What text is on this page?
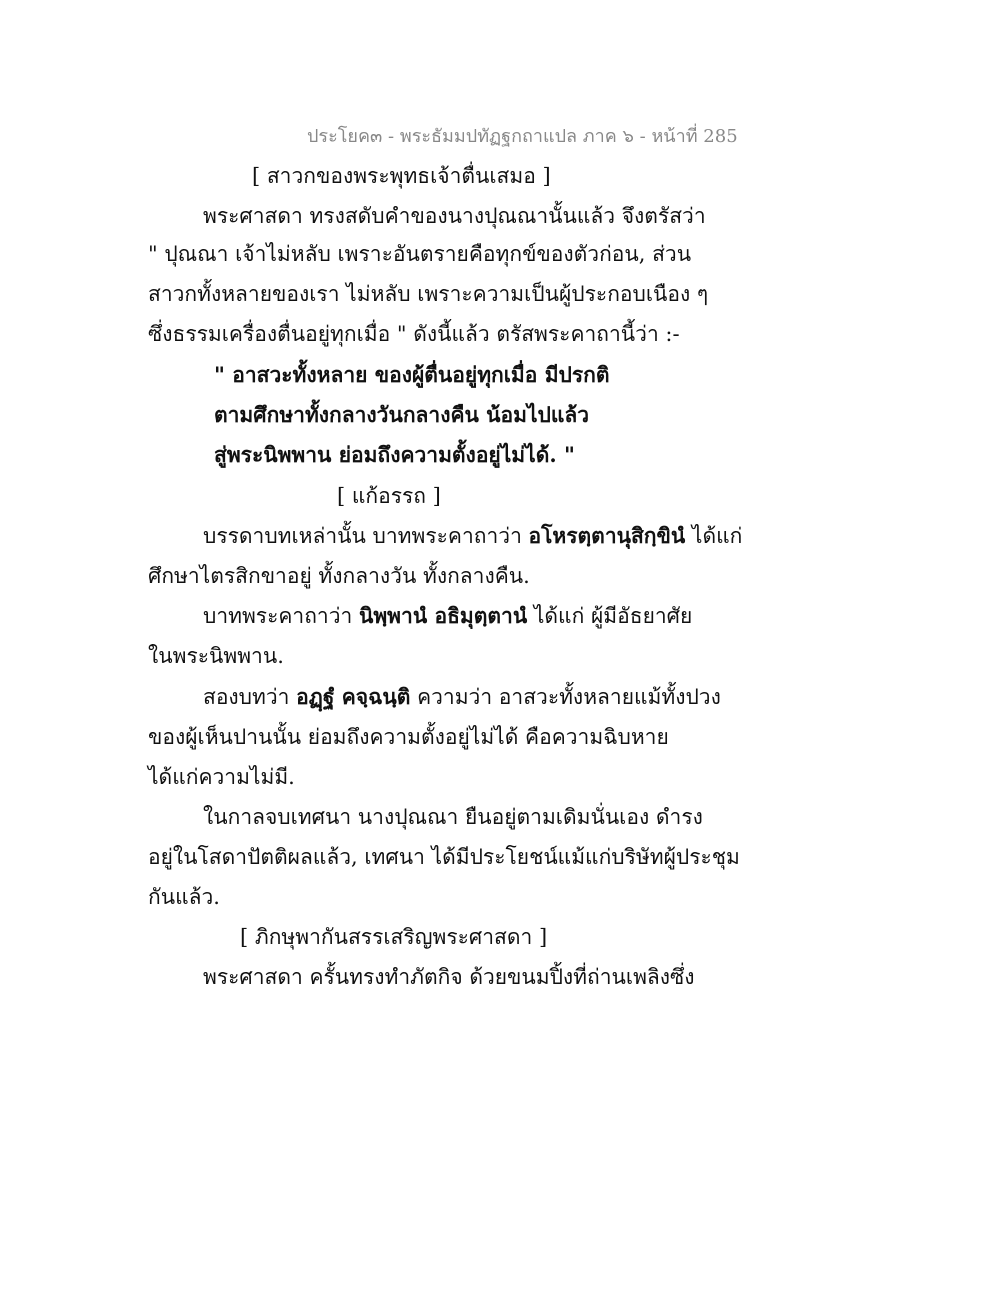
ประโยค๓ - พระธัมมปทัฏฐกถาแปล ภาค ๖ - หน้าที่ 285
[ สาวกของพระพุทธเจ้าตื่นเสมอ ]
พระศาสดา ทรงสดับคำของนางปุณณานั้นแล้ว จึงตรัสว่า
" ปุณณา เจ้าไม่หลับ เพราะอันตรายคือทุกข์ของตัวก่อน, ส่วน
สาวกทั้งหลายของเรา ไม่หลับ เพราะความเป็นผู้ประกอบเนือง ๆ
ซึ่งธรรมเครื่องตื่นอยู่ทุกเมื่อ " ดังนี้แล้ว ตรัสพระคาถานี้ว่า :-
" อาสวะทั้งหลาย ของผู้ตื่นอยู่ทุกเมื่อ มีปรกติ
ตามศึกษาทั้งกลางวันกลางคืน น้อมไปแล้ว
สู่พระนิพพาน ย่อมถึงความตั้งอยู่ไม่ได้. "
[ แก้อรรถ ]
บรรดาบทเหล่านั้น บาทพระคาถาว่า อโหรตฺตานุสิกฺขินํ ได้แก่
ศึกษาไตรสิกขาอยู่ ทั้งกลางวัน ทั้งกลางคืน.
บาทพระคาถาว่า นิพฺพานํ อธิมุตฺตานํ ได้แก่ ผู้มีอัธยาศัย
ในพระนิพพาน.
สองบทว่า อฏฺฐํ คจฺฉนฺติ ความว่า อาสวะทั้งหลายแม้ทั้งปวง
ของผู้เห็นปานนั้น ย่อมถึงความตั้งอยู่ไม่ได้ คือความฉิบหาย
ได้แก่ความไม่มี.
ในกาลจบเทศนา นางปุณณา ยืนอยู่ตามเดิมนั่นเอง ดำรง
อยู่ในโสดาปัตติผลแล้ว, เทศนา ได้มีประโยชน์แม้แก่บริษัทผู้ประชุม
กันแล้ว.
[ ภิกษุพากันสรรเสริญพระศาสดา ]
พระศาสดา ครั้นทรงทำภัตกิจ ด้วยขนมปิ้งที่ถ่านเพลิงซึ่ง
